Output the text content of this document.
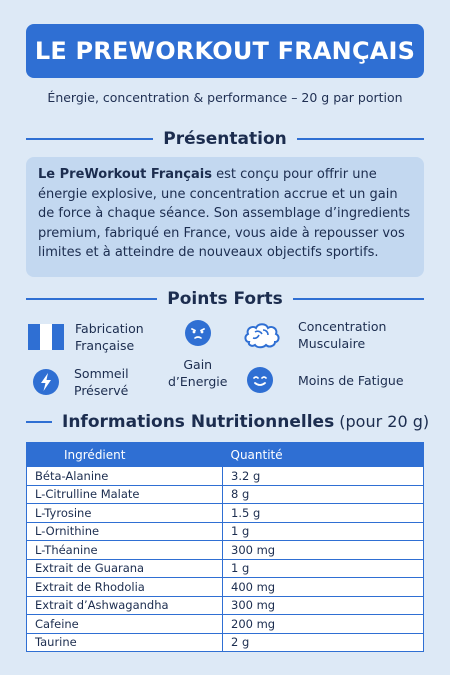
LE PREWORKOUT FRANÇAIS
Énergie, concentration & performance – 20 g par portion
Présentation
Le PreWorkout Français est conçu pour offrir une énergie explosive, une concentration accrue et un gain de force à chaque séance. Son assemblage d’ingredients premium, fabriqué en France, vous aide à repousser vos limites et à atteindre de nouveaux objectifs sportifs.
Points Forts
Fabrication
Française
Gain
d’Energie
Concentration
Musculaire
Sommeil
Préservé
Moins de Fatigue
Informations Nutritionnelles (pour 20 g)
Ingrédient	Quantité
Béta-Alanine	3.2 g
L-Citrulline Malate	8 g
L-Tyrosine	1.5 g
L-Ornithine	1 g
L-Théanine	300 mg
Extrait de Guarana	1 g
Extrait de Rhodolia	400 mg
Extrait d’Ashwagandha	300 mg
Cafeine	200 mg
Taurine	2 g
